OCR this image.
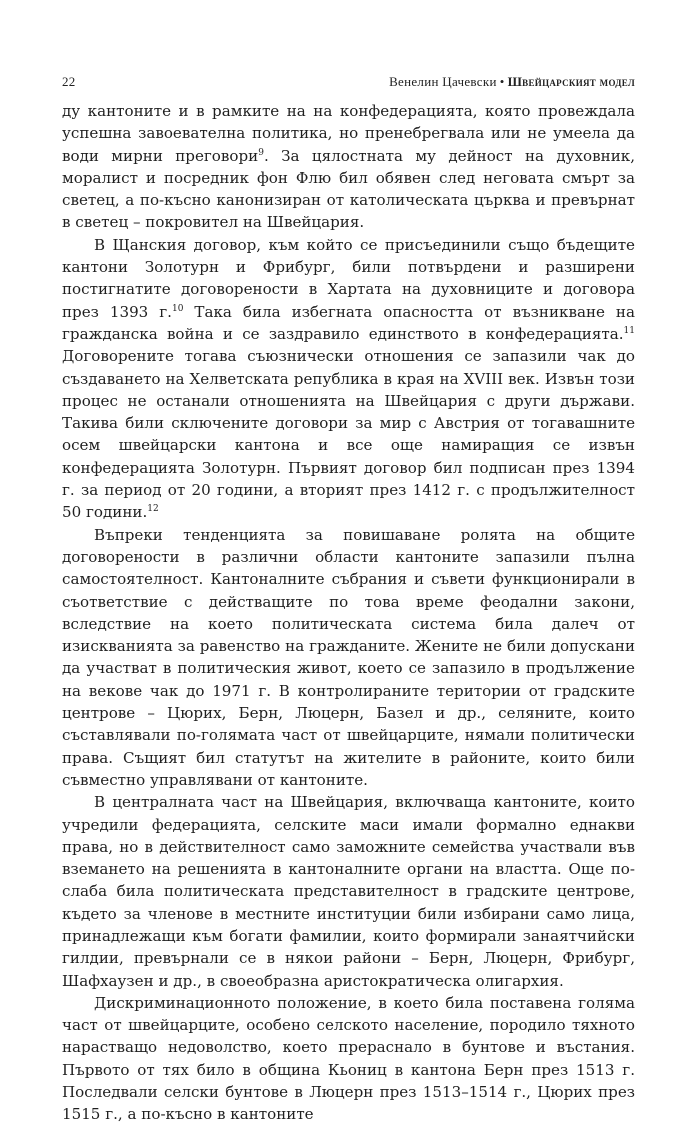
22	Венелин Цачевски • Швейцарският модел

ду кантоните и в рамките на на конфедерацията, която провеждала успешна завоевателна политика, но пренебрегвала или не умеела да води мирни преговори$^9$. За цялостната му дейност на духовник, моралист и посредник фон Флю бил обявен след неговата смърт за светец, а по-късно канонизиран от католическата църква и превърнат в светец – покровител на Швейцария.

В Щанския договор, към който се присъединили също бъдещите кантони Золотурн и Фрибург, били потвърдени и разширени постигнатите договорености в Хартата на духовниците и договора през 1393 г.$^{10}$ Така била избегната опасността от възникване на гражданска война и се заздравило единството в конфедерацията.$^{11}$ Договорените тогава съюзнически отношения се запазили чак до създаването на Хелветската република в края на XVIII век. Извън този процес не останали отношенията на Швейцария с други държави. Такива били сключените договори за мир с Австрия от тогавашните осем швейцарски кантона и все още намиращия се извън конфедерацията Золотурн. Първият договор бил подписан през 1394 г. за период от 20 години, а вторият през 1412 г. с продължителност 50 години.$^{12}$

Въпреки тенденцията за повишаване ролята на общите договорености в различни области кантоните запазили пълна самостоятелност. Кантоналните събрания и съвети функционирали в съответствие с действащите по това време феодални закони, вследствие на което политическата система била далеч от изискванията за равенство на гражданите. Жените не били допускани да участват в политическия живот, което се запазило в продължение на векове чак до 1971 г. В контролираните територии от градските центрове – Цюрих, Берн, Люцерн, Базел и др., селяните, които съставлявали по-голямата част от швейцарците, нямали политически права. Същият бил статутът на жителите в районите, които били съвместно управлявани от кантоните.

В централната част на Швейцария, включваща кантоните, които учредили федерацията, селските маси имали формално еднакви права, но в действителност само заможните семейства участвали във вземането на решенията в кантоналните органи на властта. Още по-слаба била политическата представителност в градските центрове, където за членове в местните институции били избирани само лица, принадлежащи към богати фамилии, които формирали занаятчийски гилдии, превърнали се в някои райони – Берн, Люцерн, Фрибург, Шафхаузен и др., в своеобразна аристократическа олигархия.

Дискриминационното положение, в което била поставена голяма част от швейцарците, особено селското население, породило тяхното нарастващо недоволство, което прераснало в бунтове и въстания. Първото от тях било в община Кьониц в кантона Берн през 1513 г. Последвали селски бунтове в Люцерн през 1513–1514 г., Цюрих през 1515 г., а по-късно в кантоните
